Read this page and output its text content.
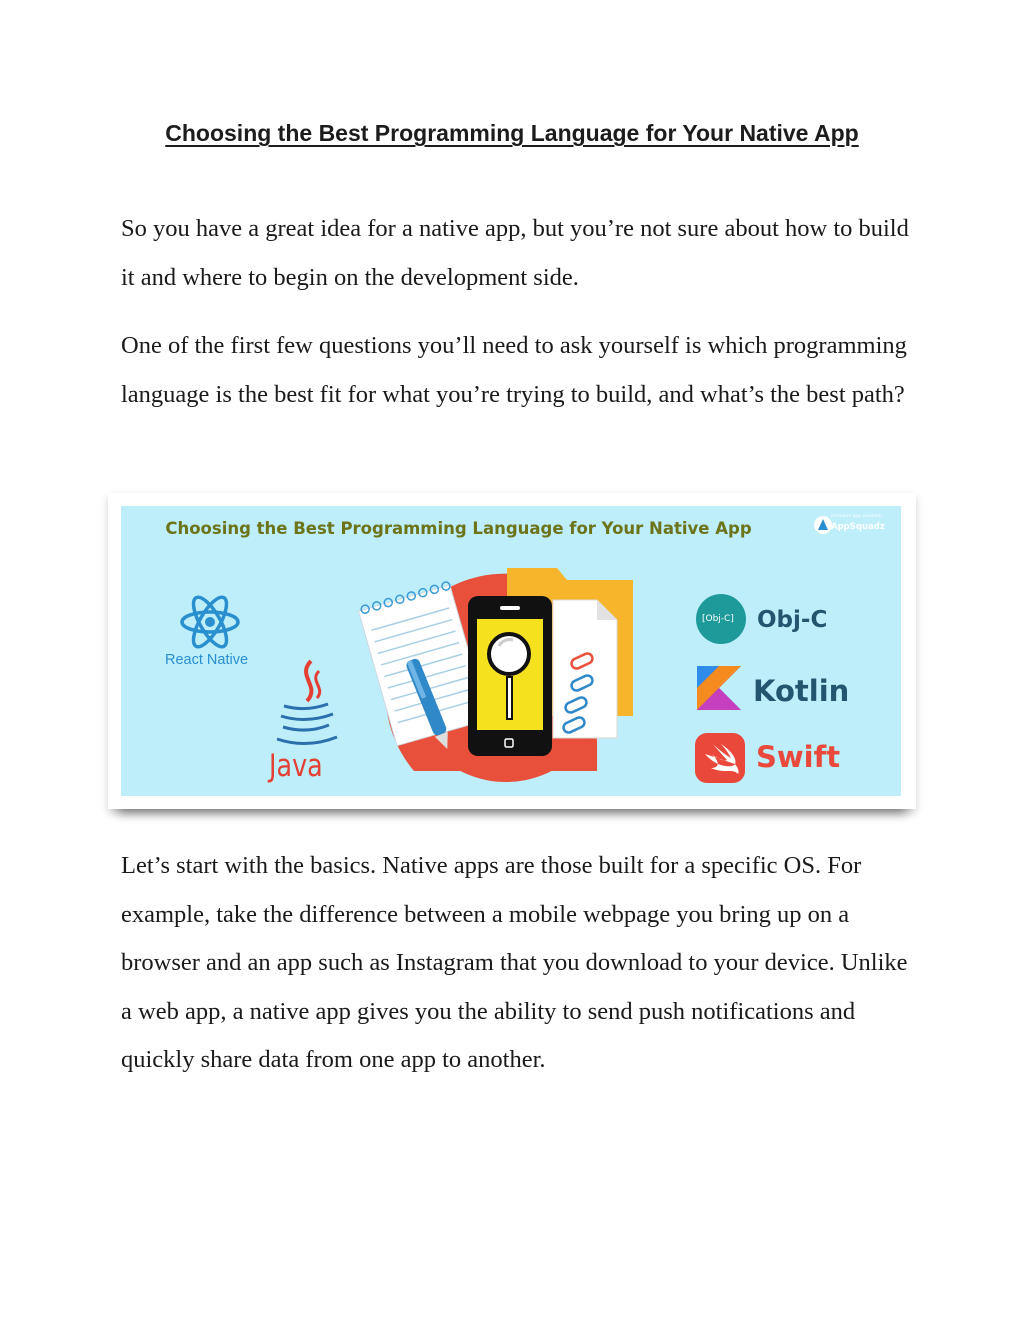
Choosing the Best Programming Language for Your Native App

So you have a great idea for a native app, but you’re not sure about how to build it and where to begin on the development side.

One of the first few questions you’ll need to ask yourself is which programming language is the best fit for what you’re trying to build, and what’s the best path?

Choosing the Best Programming Language for Your Native App
premium app solutions
AppSquadz
React Native
Java
[Obj-C] Obj-C
Kotlin
Swift

Let’s start with the basics. Native apps are those built for a specific OS. For example, take the difference between a mobile webpage you bring up on a browser and an app such as Instagram that you download to your device. Unlike a web app, a native app gives you the ability to send push notifications and quickly share data from one app to another.
